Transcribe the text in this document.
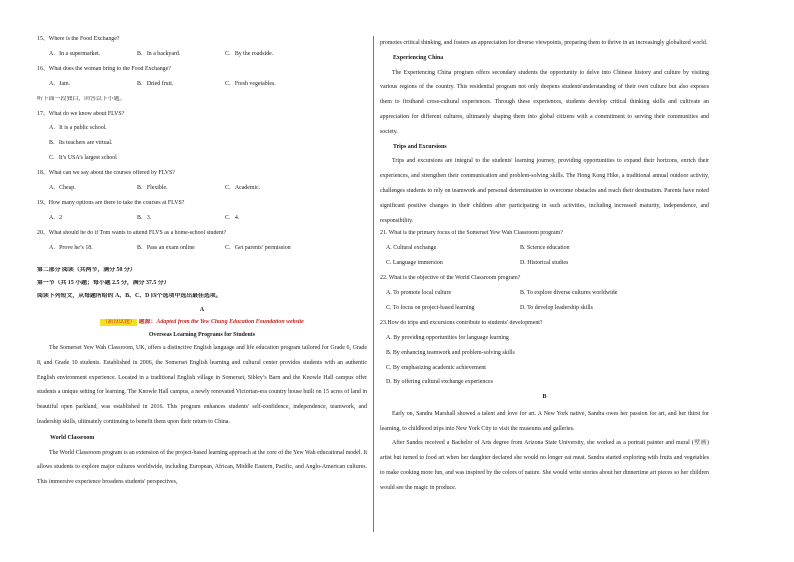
15、Where is the Food Exchange?
A．In a supermarket.	B．In a backyard.	C．By the roadside.
16、What does the woman bring to the Food Exchange?
A．Jam.	B．Dried fruit.	C．Fresh vegetables.
听下面一段独白，回答以下小题。
17、What do we know about FLVS?
A．It is a public school.
B．Its teachers are virtual.
C．It’s USA’s largest school
18、What can we say about the courses offered by FLVS?
A．Cheap.	B．Flexible.	C．Academic.
19、How many options are there to take the courses at FLVS?
A．2	B．3.	C．4.
20、What should he do if Tom wants to attend FLVS as a home-school student?
A．Prove he’s 18.	B．Pass an exam online	C．Get parents’ permission
第二部分 阅读（共两节，满分 50 分）
第一节（共 15 小题；每小题 2.5 分，满分 37.5 分）
阅读下列短文，从每题所给的 A、B、C、D 四个选项中选出最佳选项。
A
（新设试题） 题源：Adapted from the Yew Chung Education Foundation website
Overseas Learning Programs for Students

The Somerset Yew Wah Classroom, UK, offers a distinctive English language and life education program tailored for Grade 6, Grade 8, and Grade 10 students. Established in 2006, the Somerset English learning and cultural center provides students with an authentic English environment experience. Located in a traditional English village in Somerset, Sibley’s Barn and the Knowle Hall campus offer students a unique setting for learning. The Knowle Hall campus, a newly renovated Victorian-era country house built on 15 acres of land in beautiful open parkland, was established in 2016. This program enhances students' self-confidence, independence, teamwork, and leadership skills, ultimately continuing to benefit them upon their return to China.

World Classroom

The World Classroom program is an extension of the project-based learning approach at the core of the Yew Wah educational model. It allows students to explore major cultures worldwide, including European, African, Middle Eastern, Pacific, and Anglo-American cultures. This immersive experience broadens students' perspectives,

promotes critical thinking, and fosters an appreciation for diverse viewpoints, preparing them to thrive in an increasingly globalized world.

Experiencing China

The Experiencing China program offers secondary students the opportunity to delve into Chinese history and culture by visiting various regions of the country. This residential program not only deepens students'understanding of their own culture but also exposes them to firsthand cross-cultural experiences. Through these experiences, students develop critical thinking skills and cultivate an appreciation for different cultures, ultimately shaping them into global citizens with a commitment to serving their communities and society.

Trips and Excursions

Trips and excursions are integral to the students' learning journey, providing opportunities to expand their horizons, enrich their experiences, and strengthen their communication and problem-solving skills. The Hong Kong Hike, a traditional annual outdoor activity, challenges students to rely on teamwork and personal determination to overcome obstacles and reach their destination. Parents have noted significant positive changes in their children after participating in such activities, including increased maturity, independence, and responsibility.

21. What is the primary focus of the Somerset Yew Wah Classroom program?
A. Cultural exchange	B. Science education
C. Language immersion	D. Historical studies
22. What is the objective of the World Classroom program?
A. To promote local culture	B. To explore diverse cultures worldwide
C. To focus on project-based learning	D. To develop leadership skills
23.How do trips and excursions contribute to students' development?
A. By providing opportunities for language learning
B. By enhancing teamwork and problem-solving skills
C. By emphasizing academic achievement
D. By offering cultural exchange experiences
B

Early on, Sandra Marshall showed a talent and love for art. A New York native, Sandra owes her passion for art, and her thirst for learning, to childhood trips into New York City to visit the museums and galleries.

After Sandra received a Bachelor of Arts degree from Arizona State University, she worked as a portrait painter and mural (壁画) artist but turned to food art when her daughter declared she would no longer eat meat. Sandra started exploring with fruits and vegetables to make cooking more fun, and was inspired by the colors of nature. She would write stories about her dinnertime art pieces so her children would see the magic in produce.
